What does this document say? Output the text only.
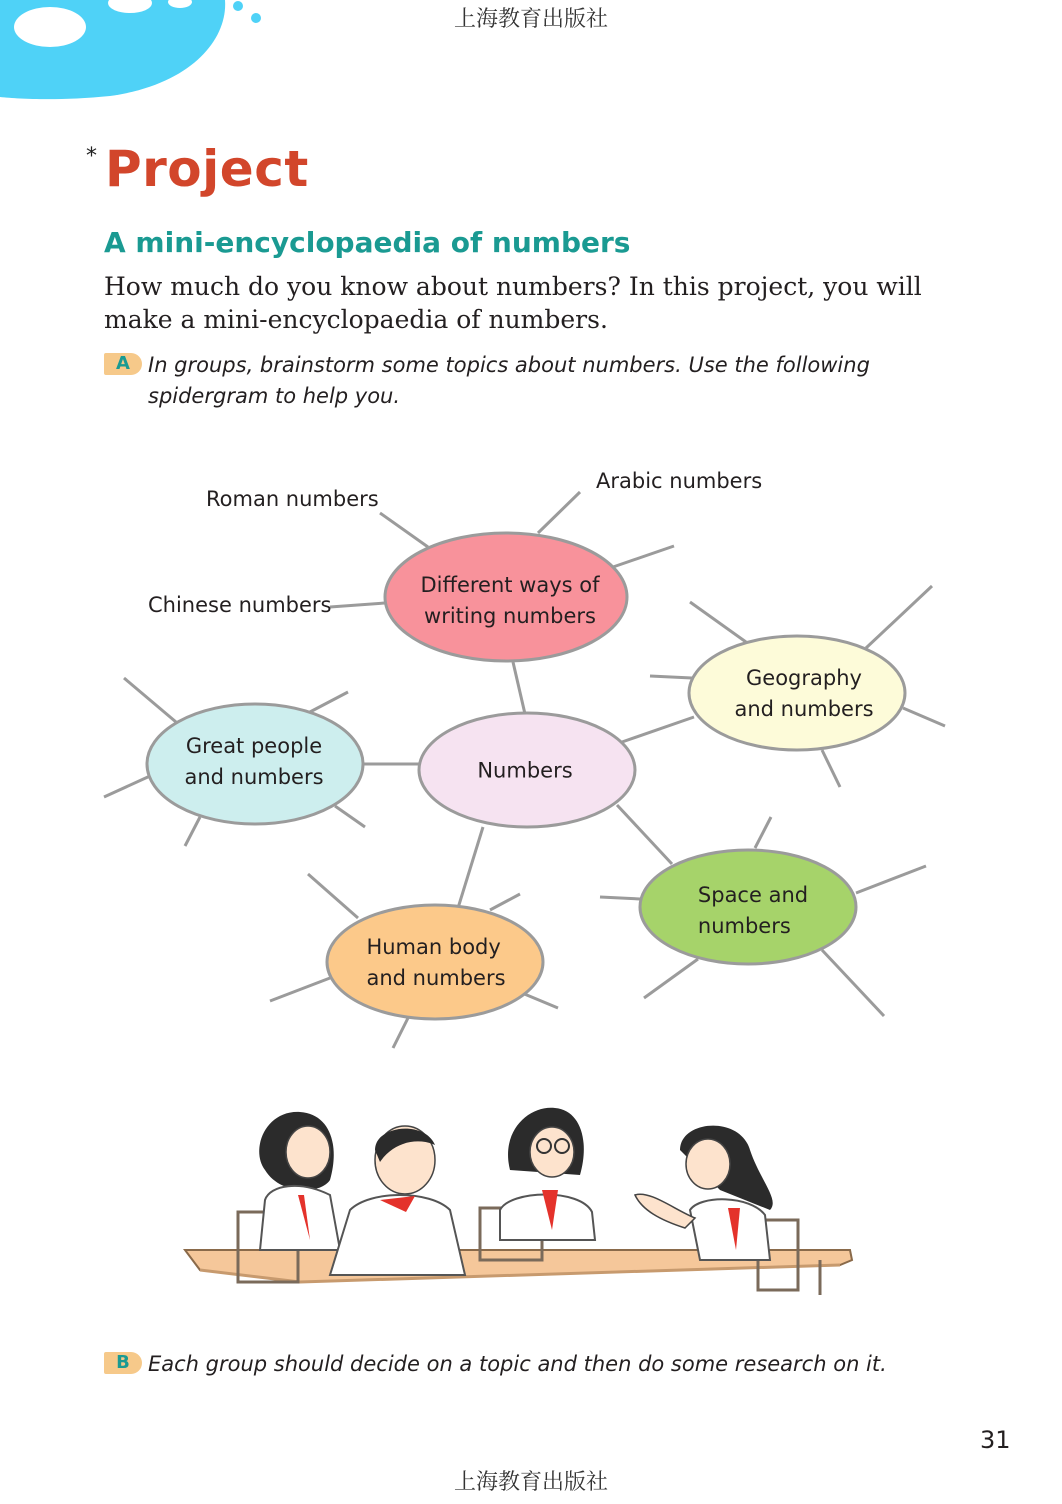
上海教育出版社
* Project
A mini-encyclopaedia of numbers
How much do you know about numbers? In this project, you will make a mini-encyclopaedia of numbers.
A In groups, brainstorm some topics about numbers. Use the following spidergram to help you.
Different ways of
writing numbers
Numbers
Geography
and numbers
Great people
and numbers
Space and
numbers
Human body
and numbers
Roman numbers
Arabic numbers
Chinese numbers
B Each group should decide on a topic and then do some research on it.
31
上海教育出版社
